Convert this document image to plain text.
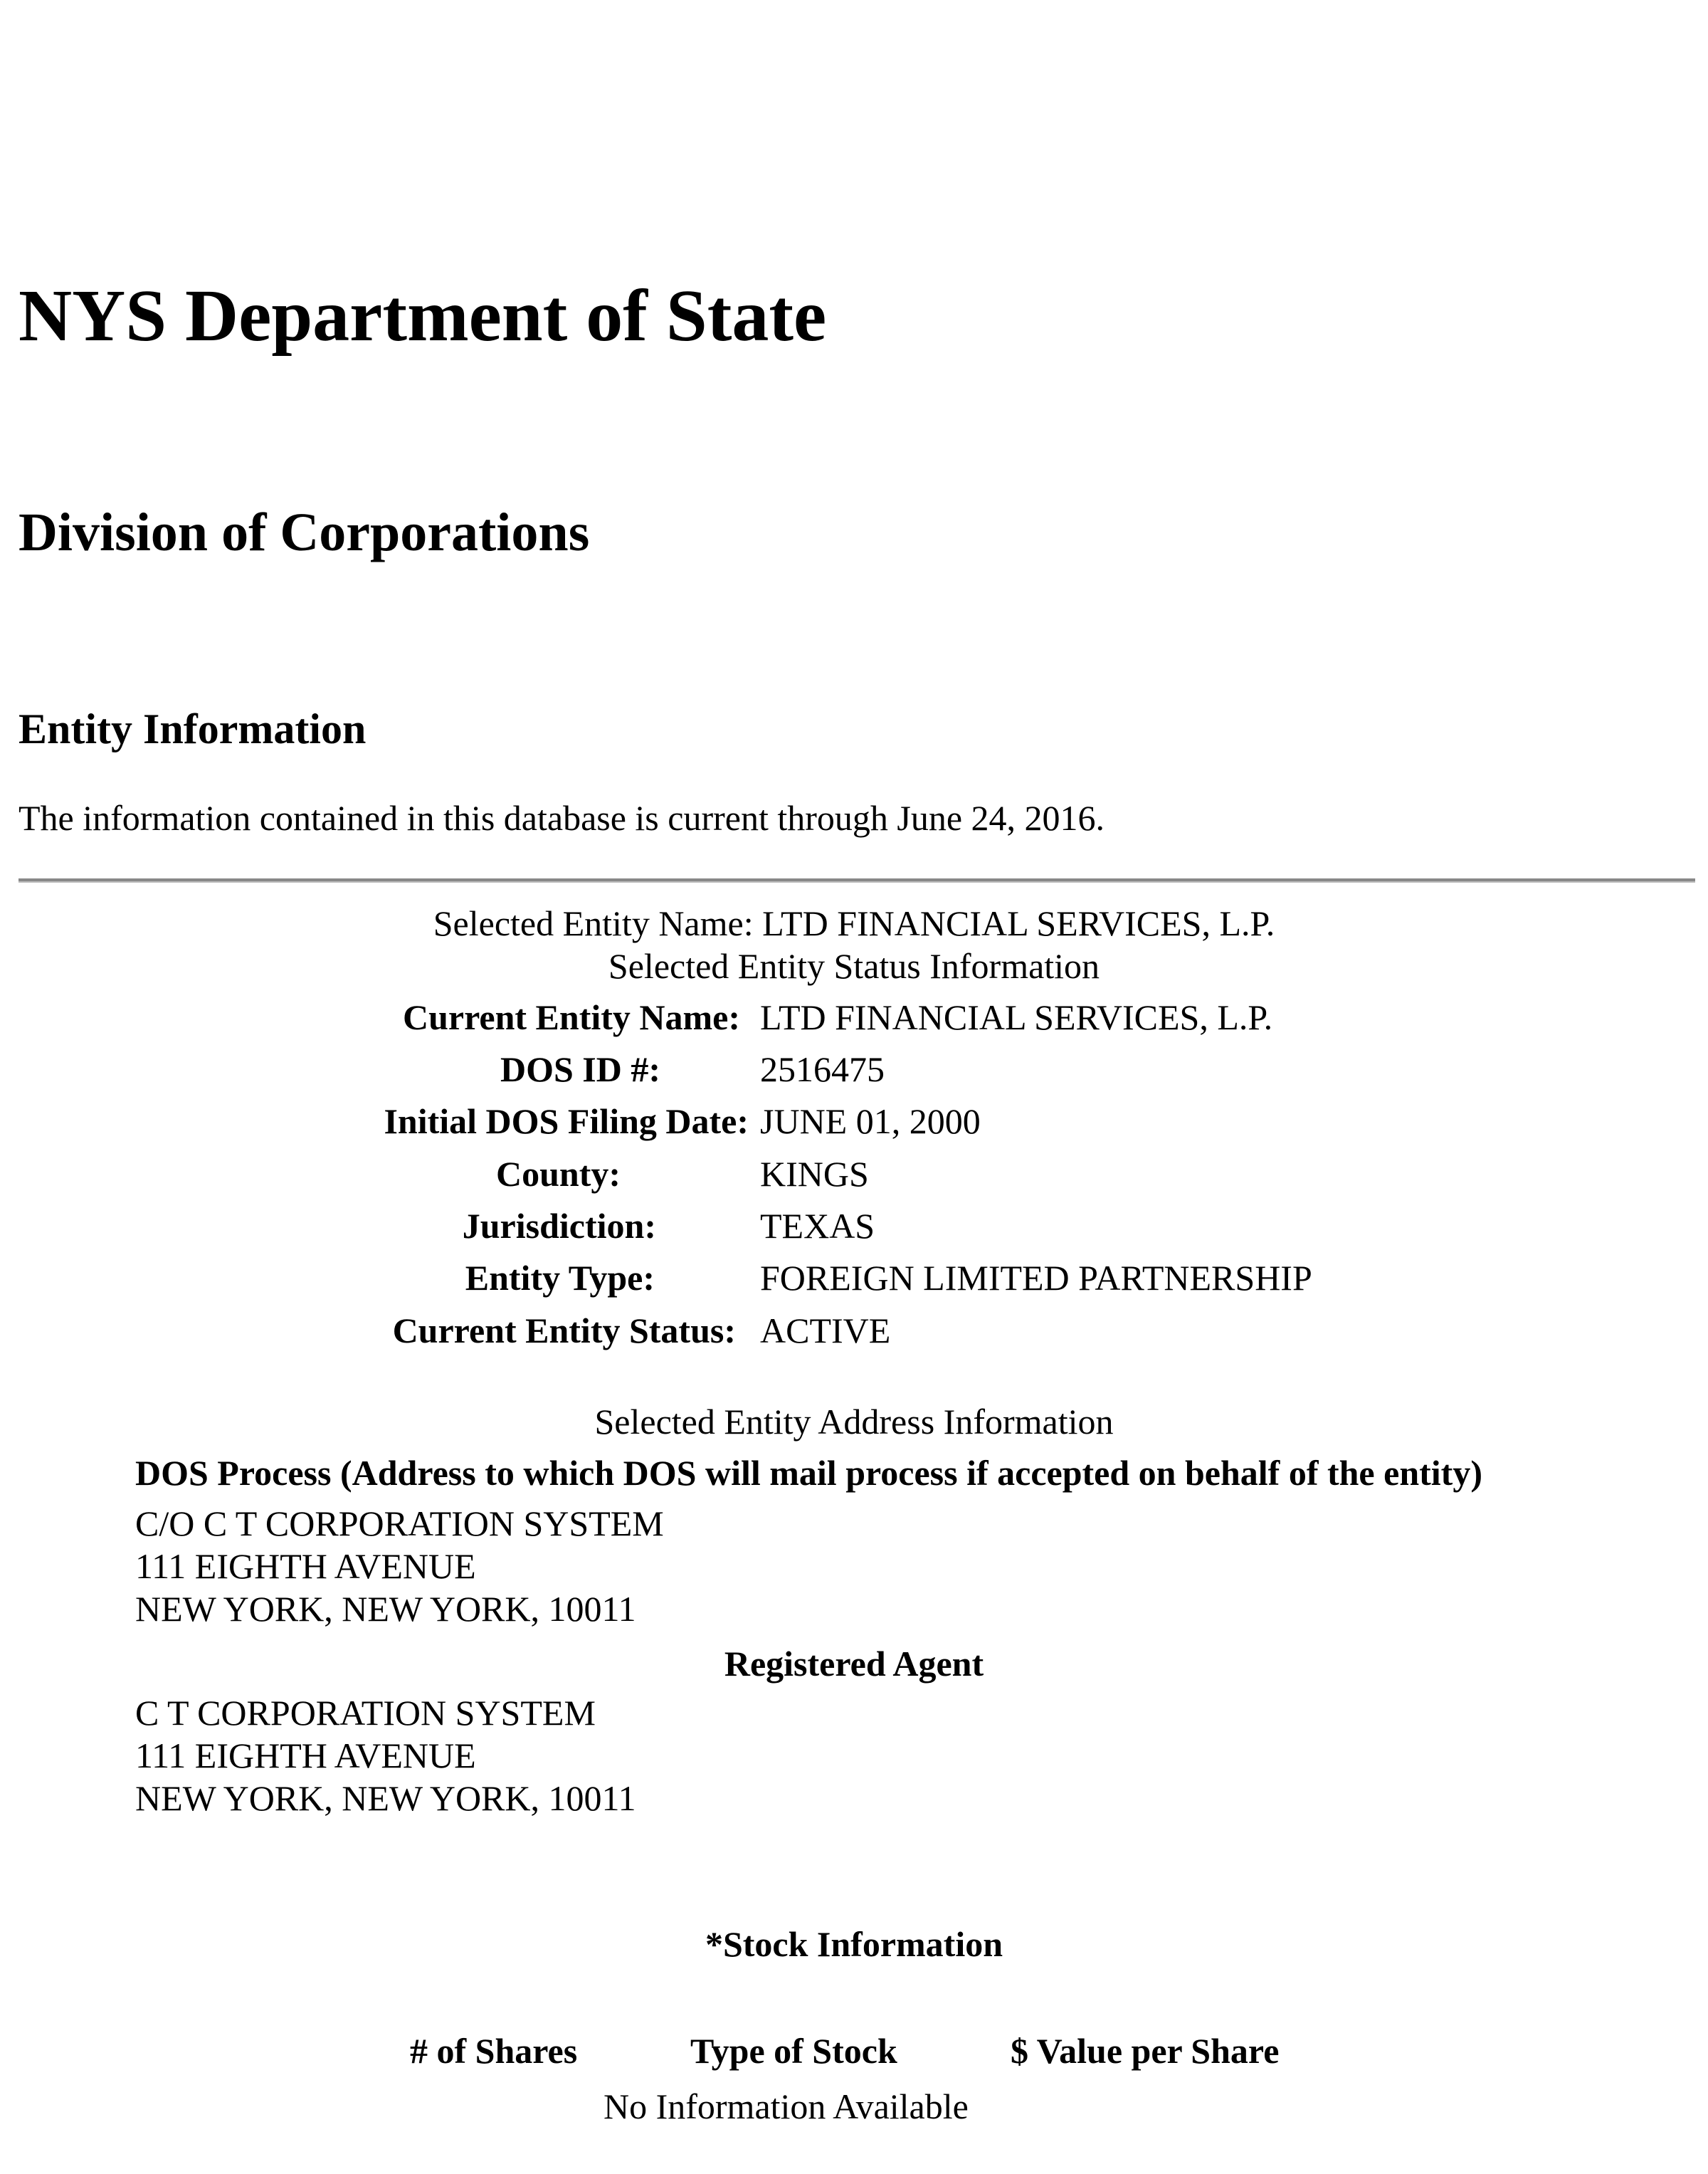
NYS Department of State
Division of Corporations
Entity Information
The information contained in this database is current through June 24, 2016.
Selected Entity Name: LTD FINANCIAL SERVICES, L.P.
Selected Entity Status Information
Current Entity Name: LTD FINANCIAL SERVICES, L.P.
DOS ID #:	2516475
Initial DOS Filing Date: JUNE 01, 2000
County:	KINGS
Jurisdiction:	TEXAS
Entity Type:	FOREIGN LIMITED PARTNERSHIP
Current Entity Status: ACTIVE
Selected Entity Address Information
DOS Process (Address to which DOS will mail process if accepted on behalf of the entity)
C/O C T CORPORATION SYSTEM
111 EIGHTH AVENUE
NEW YORK, NEW YORK, 10011
Registered Agent
C T CORPORATION SYSTEM
111 EIGHTH AVENUE
NEW YORK, NEW YORK, 10011
*Stock Information
# of Shares	Type of Stock	$ Value per Share
No Information Available
